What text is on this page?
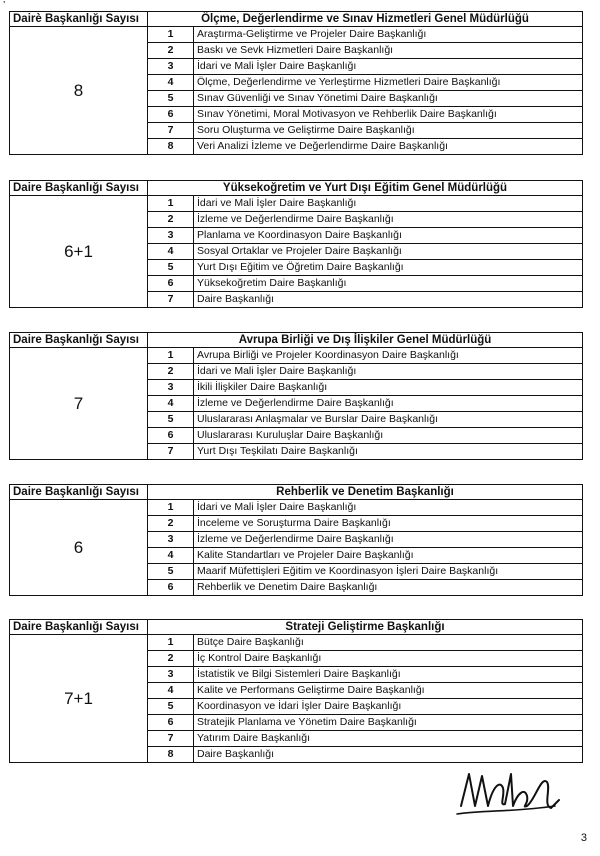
’
Dairè Başkanlığı Sayısı	Ölçme, Değerlendirme ve Sınav Hizmetleri Genel Müdürlüğü	
8	1	Araştırma-Geliştirme ve Projeler Daire Başkanlığı
	2	Baskı ve Sevk Hizmetleri Daire Başkanlığı
	3	İdari ve Mali İşler Daire Başkanlığı
	4	Ölçme, Değerlendirme ve Yerleştirme Hizmetleri Daire Başkanlığı
	5	Sınav Güvenliği ve Sınav Yönetimi Daire Başkanlığı
	6	Sınav Yönetimi, Moral Motivasyon ve Rehberlik Daire Başkanlığı
	7	Soru Oluşturma ve Geliştirme Daire Başkanlığı
	8	Veri Analizi İzleme ve Değerlendirme Daire Başkanlığı
Daire Başkanlığı Sayısı	Yüksekoğretim ve Yurt Dışı Eğitim Genel Müdürlüğü	
6+1	1	İdari ve Mali İşler Daire Başkanlığı
	2	İzleme ve Değerlendirme Daire Başkanlığı
	3	Planlama ve Koordinasyon Daire Başkanlığı
	4	Sosyal Ortaklar ve Projeler Daire Başkanlığı
	5	Yurt Dışı Eğitim ve Öğretim Daire Başkanlığı
	6	Yüksekoğretim Daire Başkanlığı
	7	Daire Başkanlığı
Daire Başkanlığı Sayısı	Avrupa Birliği ve Dış İlişkiler Genel Müdürlüğü	
7	1	Avrupa Birliği ve Projeler Koordinasyon Daire Başkanlığı
	2	İdari ve Mali İşler Daire Başkanlığı
	3	İkili İlişkiler Daire Başkanlığı
	4	İzleme ve Değerlendirme Daire Başkanlığı
	5	Uluslararası Anlaşmalar ve Burslar Daire Başkanlığı
	6	Uluslararası Kuruluşlar Daire Başkanlığı
	7	Yurt Dışı Teşkilatı Daire Başkanlığı
Daire Başkanlığı Sayısı	Rehberlik ve Denetim Başkanlığı	
6	1	İdari ve Mali İşler Daire Başkanlığı
	2	İnceleme ve Soruşturma Daire Başkanlığı
	3	İzleme ve Değerlendirme Daire Başkanlığı
	4	Kalite Standartları ve Projeler Daire Başkanlığı
	5	Maarif Müfettişleri Eğitim ve Koordinasyon İşleri Daire Başkanlığı
	6	Rehberlik ve Denetim Daire Başkanlığı
Daire Başkanlığı Sayısı	Strateji Geliştirme Başkanlığı	
7+1	1	Bütçe Daire Başkanlığı
	2	İç Kontrol Daire Başkanlığı
	3	İstatistik ve Bilgi Sistemleri Daire Başkanlığı
	4	Kalite ve Performans Geliştirme Daire Başkanlığı
	5	Koordinasyon ve İdari İşler Daire Başkanlığı
	6	Stratejik Planlama ve Yönetim Daire Başkanlığı
	7	Yatırım Daire Başkanlığı
	8	Daire Başkanlığı
3
